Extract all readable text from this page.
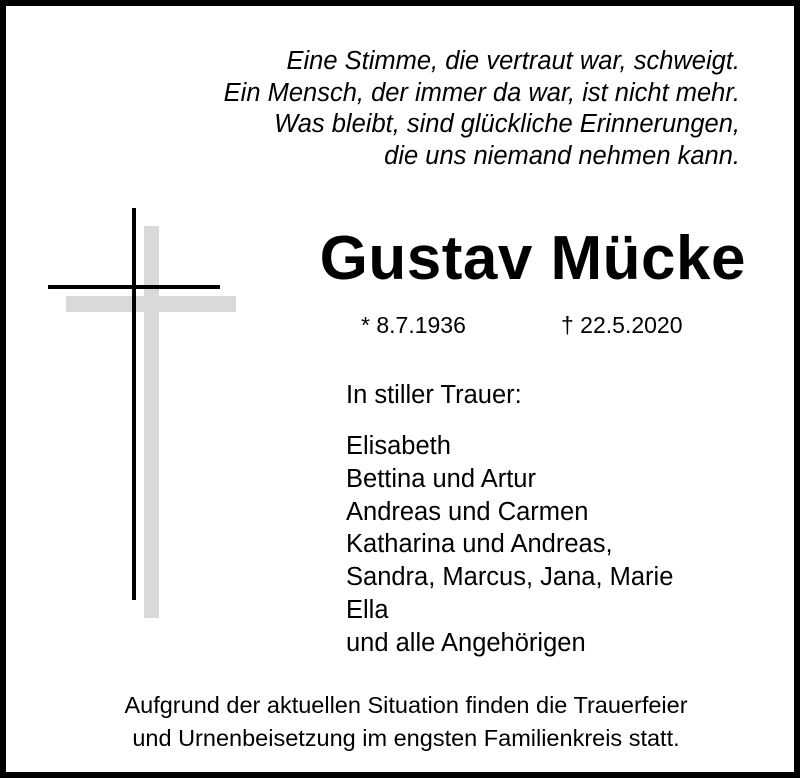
Eine Stimme, die vertraut war, schweigt.
Ein Mensch, der immer da war, ist nicht mehr.
Was bleibt, sind glückliche Erinnerungen,
die uns niemand nehmen kann.
Gustav Mücke
* 8.7.1936	† 22.5.2020
In stiller Trauer:
Elisabeth
Bettina und Artur
Andreas und Carmen
Katharina und Andreas,
Sandra, Marcus, Jana, Marie
Ella
und alle Angehörigen
Aufgrund der aktuellen Situation finden die Trauerfeier
und Urnenbeisetzung im engsten Familienkreis statt.
